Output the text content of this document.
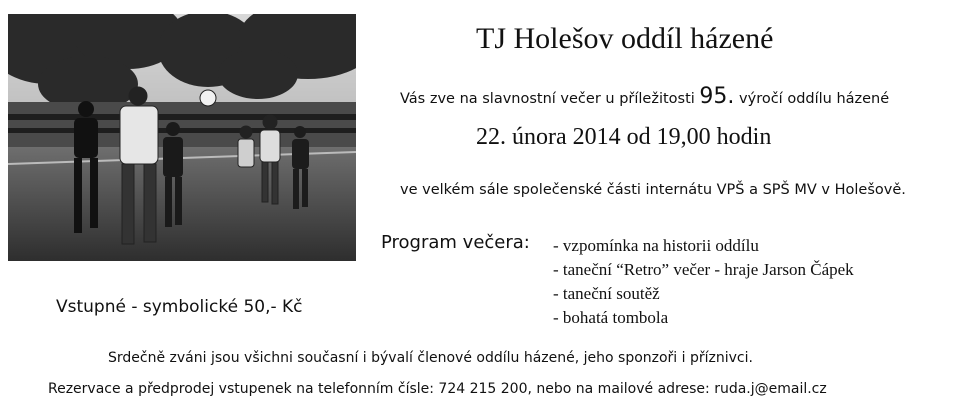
TJ Holešov oddíl házené
Vás zve na slavnostní večer u příležitosti 95. výročí oddílu házené
22. února 2014 od 19,00 hodin
ve velkém sále společenské části internátu VPŠ a SPŠ MV v Holešově.
Program večera: - vzpomínka na historii oddílu
- taneční “Retro” večer - hraje Jarson Čápek
- taneční soutěž
- bohatá tombola
Vstupné - symbolické 50,- Kč
Srdečně zváni jsou všichni současní i bývalí členové oddílu házené, jeho sponzoři i příznivci.
Rezervace a předprodej vstupenek na telefonním čísle: 724 215 200, nebo na mailové adrese: ruda.j@email.cz
